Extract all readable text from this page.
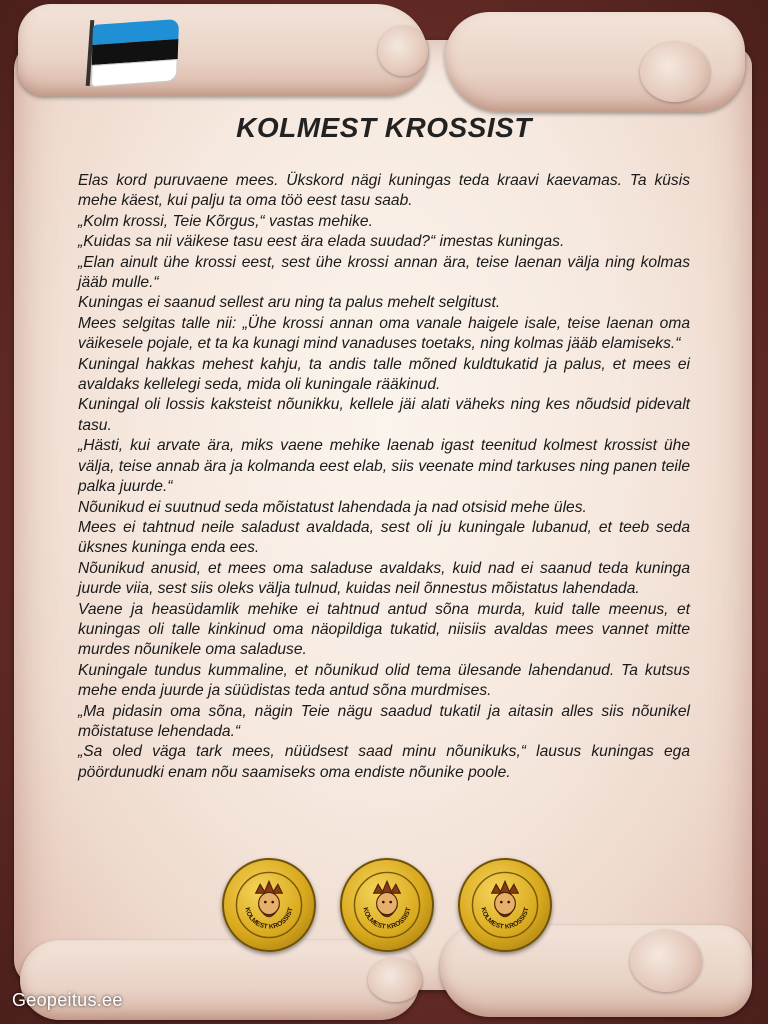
KOLMEST KROSSIST

Elas kord puruvaene mees. Ükskord nägi kuningas teda kraavi kaevamas. Ta küsis mehe käest, kui palju ta oma töö eest tasu saab.

„Kolm krossi, Teie Kõrgus,“ vastas mehike.

„Kuidas sa nii väikese tasu eest ära elada suudad?“ imestas kuningas.

„Elan ainult ühe krossi eest, sest ühe krossi annan ära, teise laenan välja ning kolmas jääb mulle.“

Kuningas ei saanud sellest aru ning ta palus mehelt selgitust.

Mees selgitas talle nii: „Ühe krossi annan oma vanale haigele isale, teise laenan oma väikesele pojale, et ta ka kunagi mind vanaduses toetaks, ning kolmas jääb elamiseks.“

Kuningal hakkas mehest kahju, ta andis talle mõned kuldtukatid ja palus, et mees ei avaldaks kellelegi seda, mida oli kuningale rääkinud.

Kuningal oli lossis kaksteist nõunikku, kellele jäi alati väheks ning kes nõudsid pidevalt tasu.

„Hästi, kui arvate ära, miks vaene mehike laenab igast teenitud kolmest krossist ühe välja, teise annab ära ja kolmanda eest elab, siis veenate mind tarkuses ning panen teile palka juurde.“

Nõunikud ei suutnud seda mõistatust lahendada ja nad otsisid mehe üles.

Mees ei tahtnud neile saladust avaldada, sest oli ju kuningale lubanud, et teeb seda üksnes kuninga enda ees.

Nõunikud anusid, et mees oma saladuse avaldaks, kuid nad ei saanud teda kuninga juurde viia, sest siis oleks välja tulnud, kuidas neil õnnestus mõistatus lahendada.

Vaene ja heasüdamlik mehike ei tahtnud antud sõna murda, kuid talle meenus, et kuningas oli talle kinkinud oma näopildiga tukatid, niisiis avaldas mees vannet mitte murdes nõunikele oma saladuse.

Kuningale tundus kummaline, et nõunikud olid tema ülesande lahendanud. Ta kutsus mehe enda juurde ja süüdistas teda antud sõna murdmises.

„Ma pidasin oma sõna, nägin Teie nägu saadud tukatil ja aitasin alles siis nõunikel mõistatuse lehendada.“

„Sa oled väga tark mees, nüüdsest saad minu nõunikuks,“ lausus kuningas ega pöördunudki enam nõu saamiseks oma endiste nõunike poole.

KOLMEST KROSSIST	KOLMEST KROSSIST	KOLMEST KROSSIST
Geopeitus.ee
